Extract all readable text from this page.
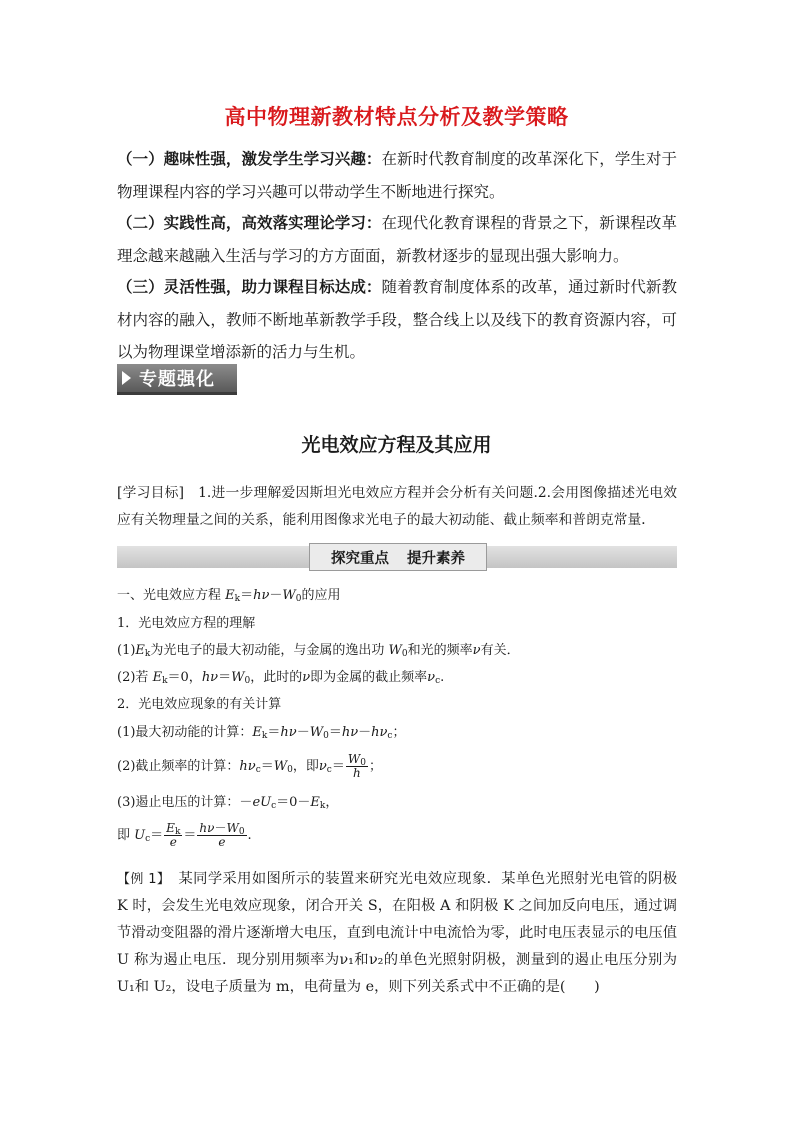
高中物理新教材特点分析及教学策略
（一）趣味性强，激发学生学习兴趣：在新时代教育制度的改革深化下，学生对于物理课程内容的学习兴趣可以带动学生不断地进行探究。
（二）实践性高，高效落实理论学习：在现代化教育课程的背景之下，新课程改革理念越来越融入生活与学习的方方面面，新教材逐步的显现出强大影响力。
（三）灵活性强，助力课程目标达成：随着教育制度体系的改革，通过新时代新教材内容的融入，教师不断地革新教学手段，整合线上以及线下的教育资源内容，可以为物理课堂增添新的活力与生机。
专题强化
光电效应方程及其应用
[学习目标]　1.进一步理解爱因斯坦光电效应方程并会分析有关问题.2.会用图像描述光电效应有关物理量之间的关系，能利用图像求光电子的最大初动能、截止频率和普朗克常量．
探究重点 提升素养
一、光电效应方程 $E_k=h\nu-W_0$的应用
1．光电效应方程的理解
$(1)E_k$为光电子的最大初动能，与金属的逸出功 $W_0$和光的频率ν有关．
(2)若 $E_k=0$，$h\nu=W_0$，此时的ν即为金属的截止频率$\nu_c$.
2．光电效应现象的有关计算
(1)最大初动能的计算：$E_k=h\nu-W_0=h\nu-h\nu_c$；
(2)截止频率的计算：$h\nu_c=W_0$，即$\nu_c= \frac{W_0}{h}$ ；
(3)遏止电压的计算：$-eU_c=0-E_k$，
即 $U_c= \frac{E_k}{e} = \frac{h\nu-W_0}{e}$ .
【例 1】　 某同学采用如图所示的装置来研究光电效应现象．某单色光照射光电管的阴极 K 时，会发生光电效应现象，闭合开关 S，在阳极 A 和阴极 K 之间加反向电压，通过调节滑动变阻器的滑片逐渐增大电压，直到电流计中电流恰为零，此时电压表显示的电压值 U 称为遏止电压．现分别用频率为ν₁和ν₂的单色光照射阴极，测量到的遏止电压分别为 U₁和 U₂，设电子质量为 m，电荷量为 e，则下列关系式中不正确的是(　　)
